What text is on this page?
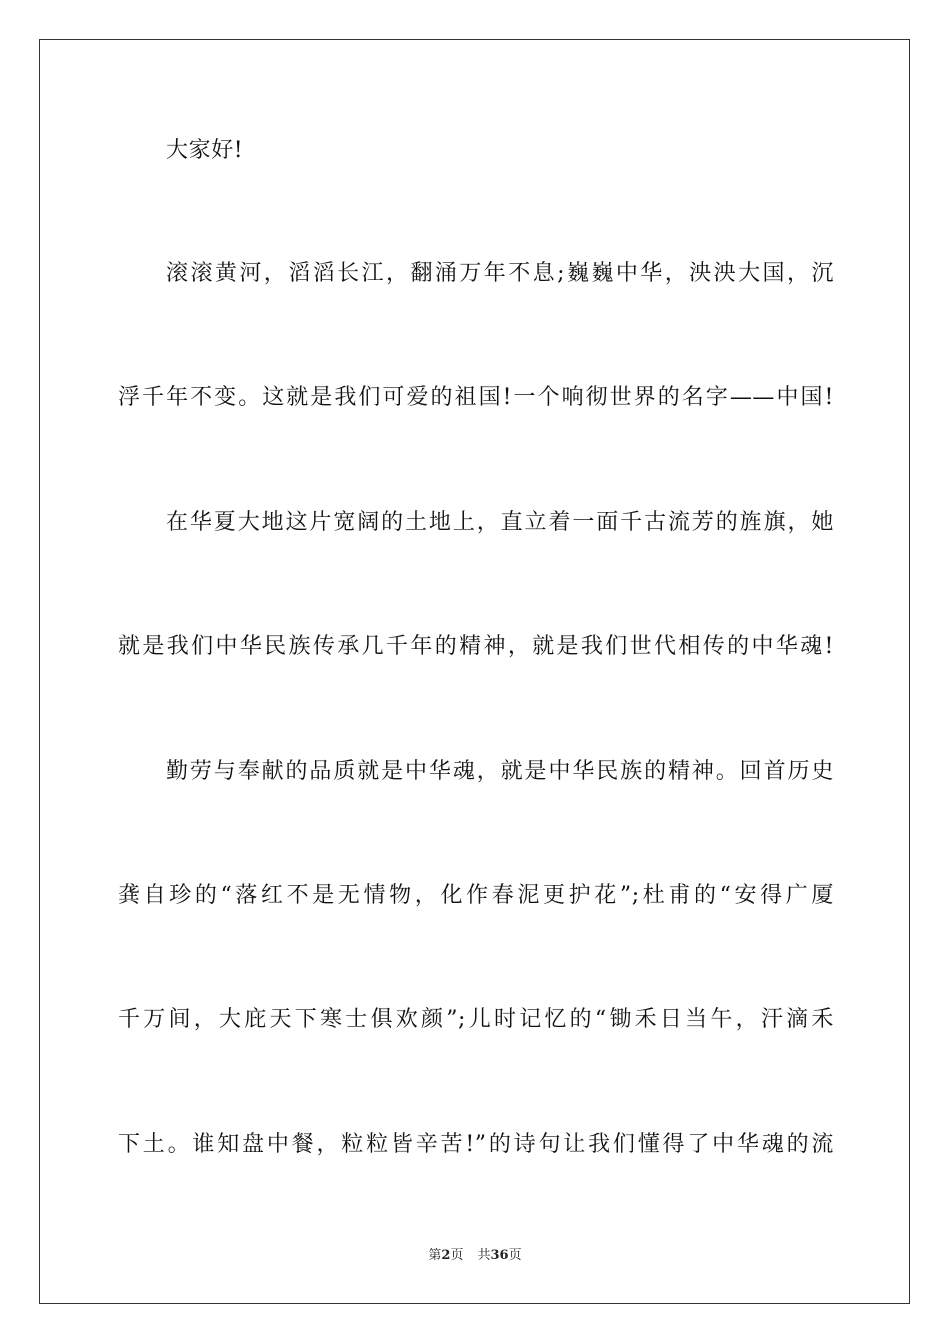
大家好!
滚滚黄河，滔滔长江，翻涌万年不息;巍巍中华，泱泱大国，沉
浮千年不变。这就是我们可爱的祖国!一个响彻世界的名字——中国!
在华夏大地这片宽阔的土地上，直立着一面千古流芳的旌旗，她
就是我们中华民族传承几千年的精神，就是我们世代相传的中华魂!
勤劳与奉献的品质就是中华魂，就是中华民族的精神。回首历史
龚自珍的“落红不是无情物，化作春泥更护花”;杜甫的“安得广厦
千万间，大庇天下寒士俱欢颜”;儿时记忆的“锄禾日当午，汗滴禾
下土。谁知盘中餐，粒粒皆辛苦!”的诗句让我们懂得了中华魂的流
第2页 共36页
